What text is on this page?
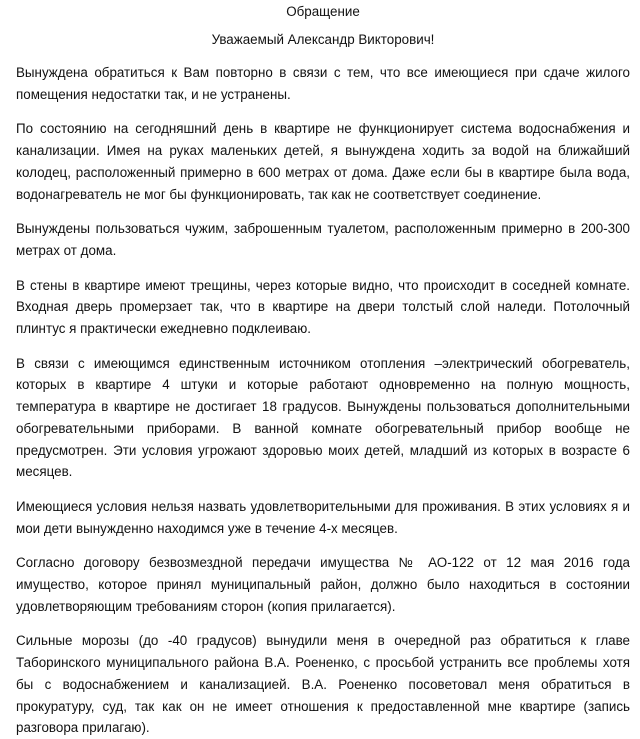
Обращение
Уважаемый Александр Викторович!

Вынуждена обратиться к Вам повторно в связи с тем, что все имеющиеся при сдаче жилого помещения недостатки так, и не устранены.

По состоянию на сегодняшний день в квартире не функционирует система водоснабжения и канализации. Имея на руках маленьких детей, я вынуждена ходить за водой на ближайший колодец, расположенный примерно в 600 метрах от дома. Даже если бы в квартире была вода, водонагреватель не мог бы функционировать, так как не соответствует соединение.

Вынуждены пользоваться чужим, заброшенным туалетом, расположенным примерно в 200-300 метрах от дома.

В стены в квартире имеют трещины, через которые видно, что происходит в соседней комнате. Входная дверь промерзает так, что в квартире на двери толстый слой наледи. Потолочный плинтус я практически ежедневно подклеиваю.

В связи с имеющимся единственным источником отопления –электрический обогреватель, которых в квартире 4 штуки и которые работают одновременно на полную мощность, температура в квартире не достигает 18 градусов. Вынуждены пользоваться дополнительными обогревательными приборами. В ванной комнате обогревательный прибор вообще не предусмотрен. Эти условия угрожают здоровью моих детей, младший из которых в возрасте 6 месяцев.

Имеющиеся условия нельзя назвать удовлетворительными для проживания. В этих условиях я и мои дети вынужденно находимся уже в течение 4-х месяцев.

Согласно договору безвозмездной передачи имущества № АО-122 от 12 мая 2016 года имущество, которое принял муниципальный район, должно было находиться в состоянии удовлетворяющим требованиям сторон (копия прилагается).

Сильные морозы (до -40 градусов) вынудили меня в очередной раз обратиться к главе Таборинского муниципального района В.А. Роененко, с просьбой устранить все проблемы хотя бы с водоснабжением и канализацией. В.А. Роененко посоветовал меня обратиться в прокуратуру, суд, так как он не имеет отношения к предоставленной мне квартире (запись разговора прилагаю).
